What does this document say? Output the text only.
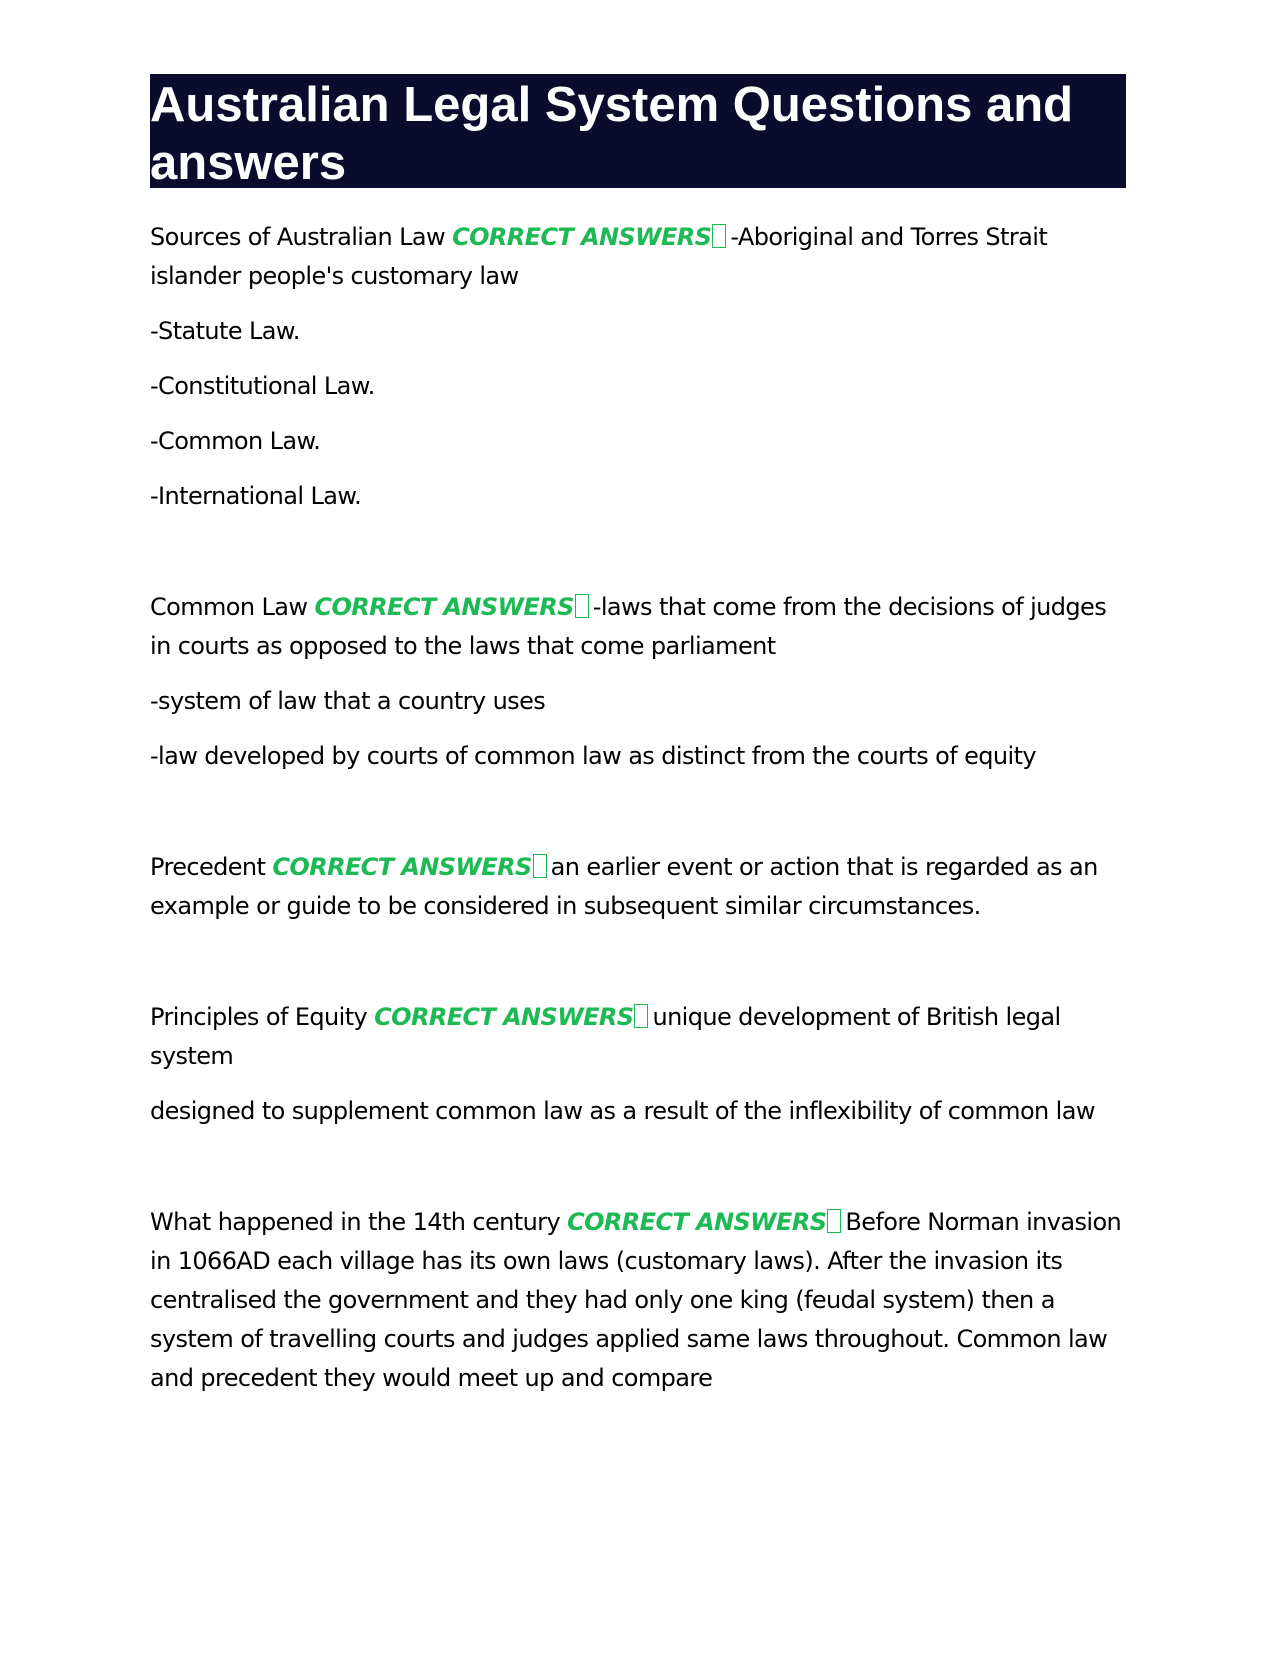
Australian Legal System Questions and answers

Sources of Australian Law CORRECT ANSWERS -Aboriginal and Torres Strait islander people's customary law

-Statute Law.

-Constitutional Law.

-Common Law.

-International Law.

Common Law CORRECT ANSWERS -laws that come from the decisions of judges in courts as opposed to the laws that come parliament

-system of law that a country uses

-law developed by courts of common law as distinct from the courts of equity

Precedent CORRECT ANSWERS an earlier event or action that is regarded as an example or guide to be considered in subsequent similar circumstances.

Principles of Equity CORRECT ANSWERS unique development of British legal system

designed to supplement common law as a result of the inflexibility of common law

What happened in the 14th century CORRECT ANSWERS Before Norman invasion in 1066AD each village has its own laws (customary laws). After the invasion its centralised the government and they had only one king (feudal system) then a system of travelling courts and judges applied same laws throughout. Common law and precedent they would meet up and compare
